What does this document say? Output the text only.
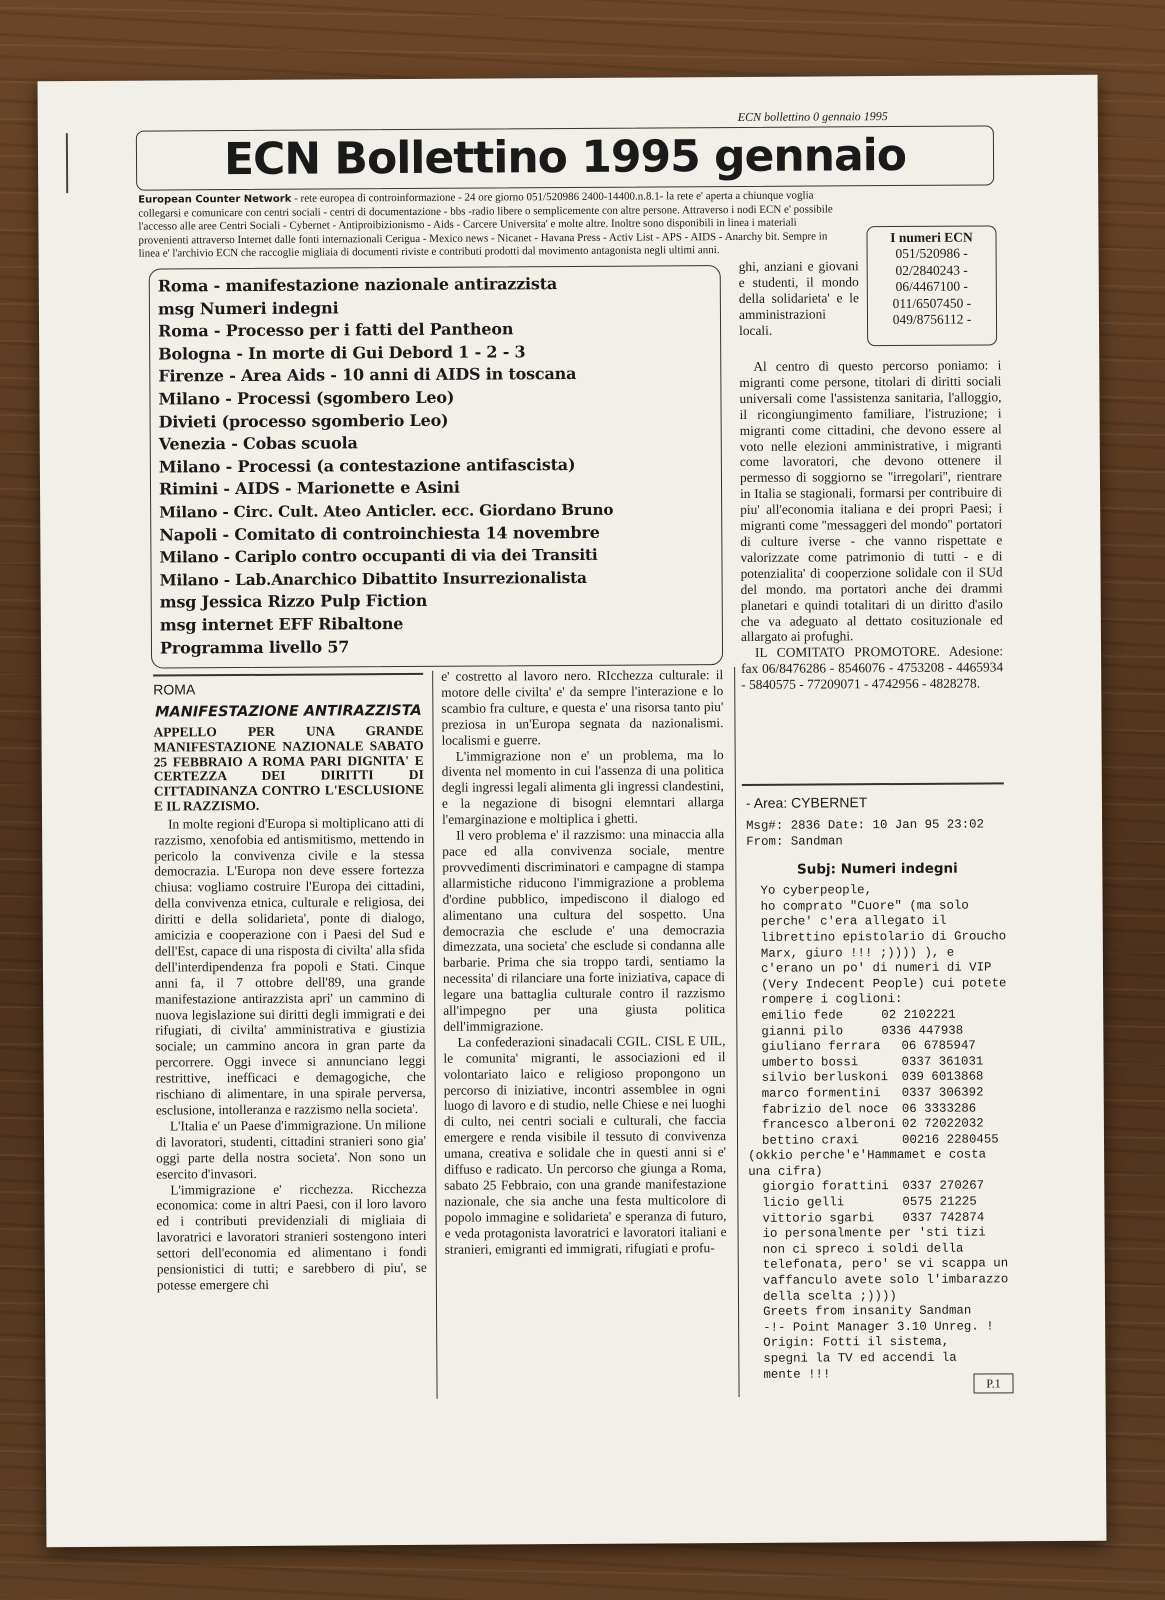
ECN bollettino 0 gennaio 1995
ECN Bollettino 1995 gennaio
European Counter Network - rete europea di controinformazione - 24 ore giorno 051/520986 2400-14400.n.8.1- la rete e' aperta a chiunque voglia collegarsi e comunicare con centri sociali - centri di documentazione - bbs -radio libere o semplicemente con altre persone. Attraverso i nodi ECN e' possibile l'accesso alle aree Centri Sociali - Cybernet - Antiproibizionismo - Aids - Carcere Universita' e molte altre. Inoltre sono disponibili in linea i materiali provenienti attraverso Internet dalle fonti internazionali Cerigua - Mexico news - Nicanet - Havana Press - Activ List - APS - AIDS - Anarchy bit. Sempre in linea e' l'archivio ECN che raccoglie migliaia di documenti riviste e contributi prodotti dal movimento antagonista negli ultimi anni.
I numeri ECN
051/520986 -
02/2840243 -
06/4467100 -
011/6507450 -
049/8756112 -
Roma - manifestazione nazionale antirazzista
msg Numeri indegni
Roma - Processo per i fatti del Pantheon
Bologna - In morte di Gui Debord 1 - 2 - 3
Firenze - Area Aids - 10 anni di AIDS in toscana
Milano - Processi (sgombero Leo)
Divieti (processo sgomberio Leo)
Venezia - Cobas scuola
Milano - Processi (a contestazione antifascista)
Rimini - AIDS - Marionette e Asini
Milano - Circ. Cult. Ateo Anticler. ecc. Giordano Bruno
Napoli - Comitato di controinchiesta 14 novembre
Milano - Cariplo contro occupanti di via dei Transiti
Milano - Lab.Anarchico Dibattito Insurrezionalista
msg Jessica Rizzo Pulp Fiction
msg internet EFF Ribaltone
Programma livello 57
ROMA
MANIFESTAZIONE ANTIRAZZISTA
APPELLO PER UNA GRANDE MANIFESTAZIONE NAZIONALE SABATO 25 FEBBRAIO A ROMA PARI DIGNITA' E CERTEZZA DEI DIRITTI DI CITTADINANZA CONTRO L'ESCLUSIONE E IL RAZZISMO.

In molte regioni d'Europa si moltiplicano atti di razzismo, xenofobia ed antismitismo, mettendo in pericolo la convivenza civile e la stessa democrazia. L'Europa non deve essere fortezza chiusa: vogliamo costruire l'Europa dei cittadini, della convivenza etnica, culturale e religiosa, dei diritti e della solidarieta', ponte di dialogo, amicizia e cooperazione con i Paesi del Sud e dell'Est, capace di una risposta di civilta' alla sfida dell'interdipendenza fra popoli e Stati. Cinque anni fa, il 7 ottobre dell'89, una grande manifestazione antirazzista apri' un cammino di nuova legislazione sui diritti degli immigrati e dei rifugiati, di civilta' amministrativa e giustizia sociale; un cammino ancora in gran parte da percorrere. Oggi invece si annunciano leggi restrittive, inefficaci e demagogiche, che rischiano di alimentare, in una spirale perversa, esclusione, intolleranza e razzismo nella societa'.

L'Italia e' un Paese d'immigrazione. Un milione di lavoratori, studenti, cittadini stranieri sono gia' oggi parte della nostra societa'. Non sono un esercito d'invasori.

L'immigrazione e' ricchezza. Ricchezza economica: come in altri Paesi, con il loro lavoro ed i contributi previdenziali di migliaia di lavoratrici e lavoratori stranieri sostengono interi settori dell'economia ed alimentano i fondi pensionistici di tutti; e sarebbero di piu', se potesse emergere chi

e' costretto al lavoro nero. RIcchezza culturale: il motore delle civilta' e' da sempre l'interazione e lo scambio fra culture, e questa e' una risorsa tanto piu' preziosa in un'Europa segnata da nazionalismi. localismi e guerre.

L'immigrazione non e' un problema, ma lo diventa nel momento in cui l'assenza di una politica degli ingressi legali alimenta gli ingressi clandestini, e la negazione di bisogni elemntari allarga l'emarginazione e moltiplica i ghetti.

Il vero problema e' il razzismo: una minaccia alla pace ed alla convivenza sociale, mentre provvedimenti discriminatori e campagne di stampa allarmistiche riducono l'immigrazione a problema d'ordine pubblico, impediscono il dialogo ed alimentano una cultura del sospetto. Una democrazia che esclude e' una democrazia dimezzata, una societa' che esclude si condanna alle barbarie. Prima che sia troppo tardi, sentiamo la necessita' di rilanciare una forte iniziativa, capace di legare una battaglia culturale contro il razzismo all'impegno per una giusta politica dell'immigrazione.

La confederazioni sinadacali CGIL. CISL E UIL, le comunita' migranti, le associazioni ed il volontariato laico e religioso propongono un percorso di iniziative, incontri assemblee in ogni luogo di lavoro e di studio, nelle Chiese e nei luoghi di culto, nei centri sociali e culturali, che faccia emergere e renda visibile il tessuto di convivenza umana, creativa e solidale che in questi anni si e' diffuso e radicato. Un percorso che giunga a Roma, sabato 25 Febbraio, con una grande manifestazione nazionale, che sia anche una festa multicolore di popolo immagine e solidarieta' e speranza di futuro, e veda protagonista lavoratrici e lavoratori italiani e stranieri, emigranti ed immigrati, rifugiati e profu-

ghi, anziani e giovani e studenti, il mondo della solidarieta' e le amministrazioni locali.

Al centro di questo percorso poniamo: i migranti come persone, titolari di diritti sociali universali come l'assistenza sanitaria, l'alloggio, il ricongiungimento familiare, l'istruzione; i migranti come cittadini, che devono essere al voto nelle elezioni amministrative, i migranti come lavoratori, che devono ottenere il permesso di soggiorno se ''irregolari'', rientrare in Italia se stagionali, formarsi per contribuire di piu' all'economia italiana e dei propri Paesi; i migranti come ''messaggeri del mondo'' portatori di culture iverse - che vanno rispettate e valorizzate come patrimonio di tutti - e di potenzialita' di cooperzione solidale con il SUd del mondo. ma portatori anche dei drammi planetari e quindi totalitari di un diritto d'asilo che va adeguato al dettato cosituzionale ed allargato ai profughi.

IL COMITATO PROMOTORE. Adesione: fax 06/8476286 - 8546076 - 4753208 - 4465934 - 5840575 - 77209071 - 4742956 - 4828278.

- Area: CYBERNET
Msg#: 2836 Date: 10 Jan 95 23:02
From: Sandman
Subj: Numeri indegni
Yo cyberpeople,
ho comprato "Cuore" (ma solo perche' c'era allegato il librettino epistolario di Groucho Marx, giuro !!! ;)))) ), e c'erano un po' di numeri di VIP (Very Indecent People) cui potete rompere i coglioni:
emilio fede	02 2102221
gianni pilo	0336 447938
giuliano ferrara	06 6785947
umberto bossi	0337 361031
silvio berluskoni	039 6013868
marco formentini	0337 306392
fabrizio del noce	06 3333286
francesco alberoni 02 72022032
bettino craxi	00216 2280455
(okkio perche'e'Hammamet e costa una cifra)
giorgio forattini	0337 270267
licio gelli	0575 21225
vittorio sgarbi	0337 742874
io personalmente per 'sti tizi non ci spreco i soldi della telefonata, pero' se vi scappa un vaffanculo avete solo l'imbarazzo della scelta ;))))
Greets from insanity Sandman
-!- Point Manager 3.10 Unreg. !
Origin: Fotti il sistema, spegni la TV ed accendi la mente !!!
P.1
